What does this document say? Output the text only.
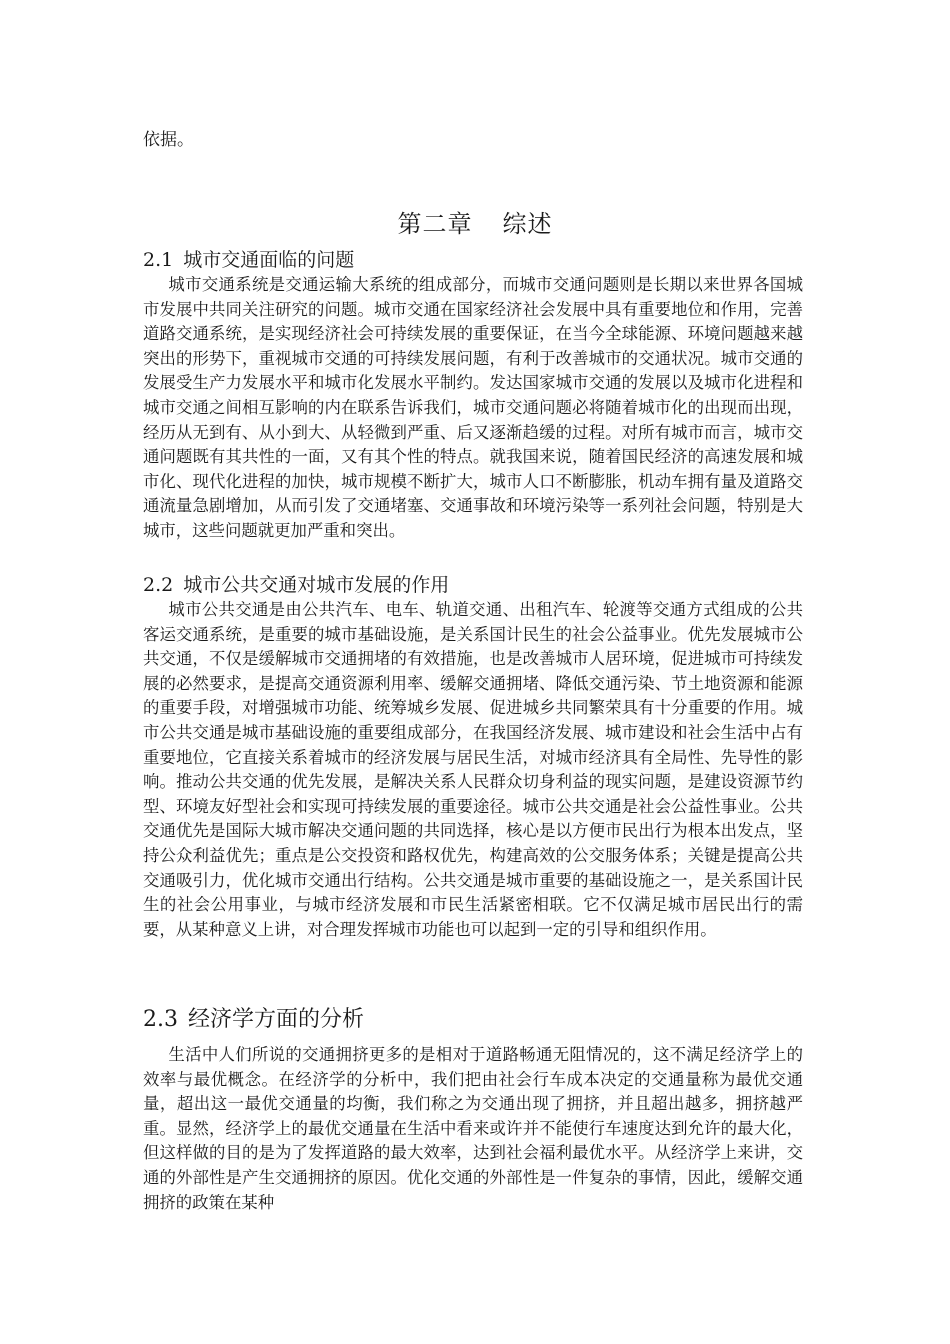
依据。
第二章 综述
2.1 城市交通面临的问题

城市交通系统是交通运输大系统的组成部分，而城市交通问题则是长期以来世界各国城市发展中共同关注研究的问题。城市交通在国家经济社会发展中具有重要地位和作用，完善道路交通系统，是实现经济社会可持续发展的重要保证，在当今全球能源、环境问题越来越突出的形势下，重视城市交通的可持续发展问题，有利于改善城市的交通状况。城市交通的发展受生产力发展水平和城市化发展水平制约。发达国家城市交通的发展以及城市化进程和城市交通之间相互影响的内在联系告诉我们，城市交通问题必将随着城市化的出现而出现，经历从无到有、从小到大、从轻微到严重、后又逐渐趋缓的过程。对所有城市而言，城市交通问题既有其共性的一面，又有其个性的特点。就我国来说，随着国民经济的高速发展和城市化、现代化进程的加快，城市规模不断扩大，城市人口不断膨胀，机动车拥有量及道路交通流量急剧增加，从而引发了交通堵塞、交通事故和环境污染等一系列社会问题，特别是大城市，这些问题就更加严重和突出。

2.2 城市公共交通对城市发展的作用

城市公共交通是由公共汽车、电车、轨道交通、出租汽车、轮渡等交通方式组成的公共客运交通系统，是重要的城市基础设施，是关系国计民生的社会公益事业。优先发展城市公共交通，不仅是缓解城市交通拥堵的有效措施，也是改善城市人居环境，促进城市可持续发展的必然要求，是提高交通资源利用率、缓解交通拥堵、降低交通污染、节土地资源和能源的重要手段，对增强城市功能、统筹城乡发展、促进城乡共同繁荣具有十分重要的作用。城市公共交通是城市基础设施的重要组成部分，在我国经济发展、城市建设和社会生活中占有重要地位，它直接关系着城市的经济发展与居民生活，对城市经济具有全局性、先导性的影响。推动公共交通的优先发展，是解决关系人民群众切身利益的现实问题，是建设资源节约型、环境友好型社会和实现可持续发展的重要途径。城市公共交通是社会公益性事业。公共交通优先是国际大城市解决交通问题的共同选择，核心是以方便市民出行为根本出发点，坚持公众利益优先；重点是公交投资和路权优先，构建高效的公交服务体系；关键是提高公共交通吸引力，优化城市交通出行结构。公共交通是城市重要的基础设施之一，是关系国计民生的社会公用事业，与城市经济发展和市民生活紧密相联。它不仅满足城市居民出行的需要，从某种意义上讲，对合理发挥城市功能也可以起到一定的引导和组织作用。

2.3 经济学方面的分析

生活中人们所说的交通拥挤更多的是相对于道路畅通无阻情况的，这不满足经济学上的效率与最优概念。在经济学的分析中，我们把由社会行车成本决定的交通量称为最优交通量，超出这一最优交通量的均衡，我们称之为交通出现了拥挤，并且超出越多，拥挤越严重。显然，经济学上的最优交通量在生活中看来或许并不能使行车速度达到允许的最大化，但这样做的目的是为了发挥道路的最大效率，达到社会福利最优水平。从经济学上来讲，交通的外部性是产生交通拥挤的原因。优化交通的外部性是一件复杂的事情，因此，缓解交通拥挤的政策在某种
